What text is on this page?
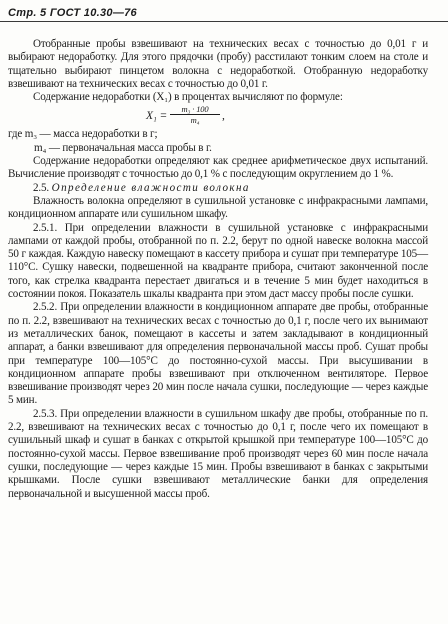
Стр. 5 ГОСТ 10.30—76

Отобранные пробы взвешивают на технических весах с точностью до 0,01 г и выбирают недоработку. Для этого прядочки (пробу) расстилают тонким слоем на столе и тщательно выбирают пинцетом волокна с недоработкой. Отобранную недоработку взвешивают на технических весах с точностью до 0,01 г.

Содержание недоработки (X₁) в процентах вычисляют по формуле:

$X_1 = \frac{\text{m₃ · 100}}{\text{m₄}}$ ,

где m₃ — масса недоработки в г;

m₄ — первоначальная масса пробы в г.

Содержание недоработки определяют как среднее арифметическое двух испытаний. Вычисление производят с точностью до 0,1 % с последующим округлением до 1 %.

2.5. Определение влажности волокна

Влажность волокна определяют в сушильной установке с инфракрасными лампами, кондиционном аппарате или сушильном шкафу.

2.5.1. При определении влажности в сушильной установке с инфракрасными лампами от каждой пробы, отобранной по п. 2.2, берут по одной навеске волокна массой 50 г каждая. Каждую навеску помещают в кассету прибора и сушат при температуре 105—110°С. Сушку навески, подвешенной на квадранте прибора, считают законченной после того, как стрелка квадранта перестает двигаться и в течение 5 мин будет находиться в состоянии покоя. Показатель шкалы квадранта при этом даст массу пробы после сушки.

2.5.2. При определении влажности в кондиционном аппарате две пробы, отобранные по п. 2.2, взвешивают на технических весах с точностью до 0,1 г, после чего их вынимают из металлических банок, помещают в кассеты и затем закладывают в кондиционный аппарат, а банки взвешивают для определения первоначальной массы проб. Сушат пробы при температуре 100—105°С до постоянно-сухой массы. При высушивании в кондиционном аппарате пробы взвешивают при отключенном вентиляторе. Первое взвешивание производят через 20 мин после начала сушки, последующие — через каждые 5 мин.

2.5.3. При определении влажности в сушильном шкафу две пробы, отобранные по п. 2.2, взвешивают на технических весах с точностью до 0,1 г, после чего их помещают в сушильный шкаф и сушат в банках с открытой крышкой при температуре 100—105°С до постоянно-сухой массы. Первое взвешивание проб производят через 60 мин после начала сушки, последующие — через каждые 15 мин. Пробы взвешивают в банках с закрытыми крышками. После сушки взвешивают металлические банки для определения первоначальной и высушенной массы проб.
